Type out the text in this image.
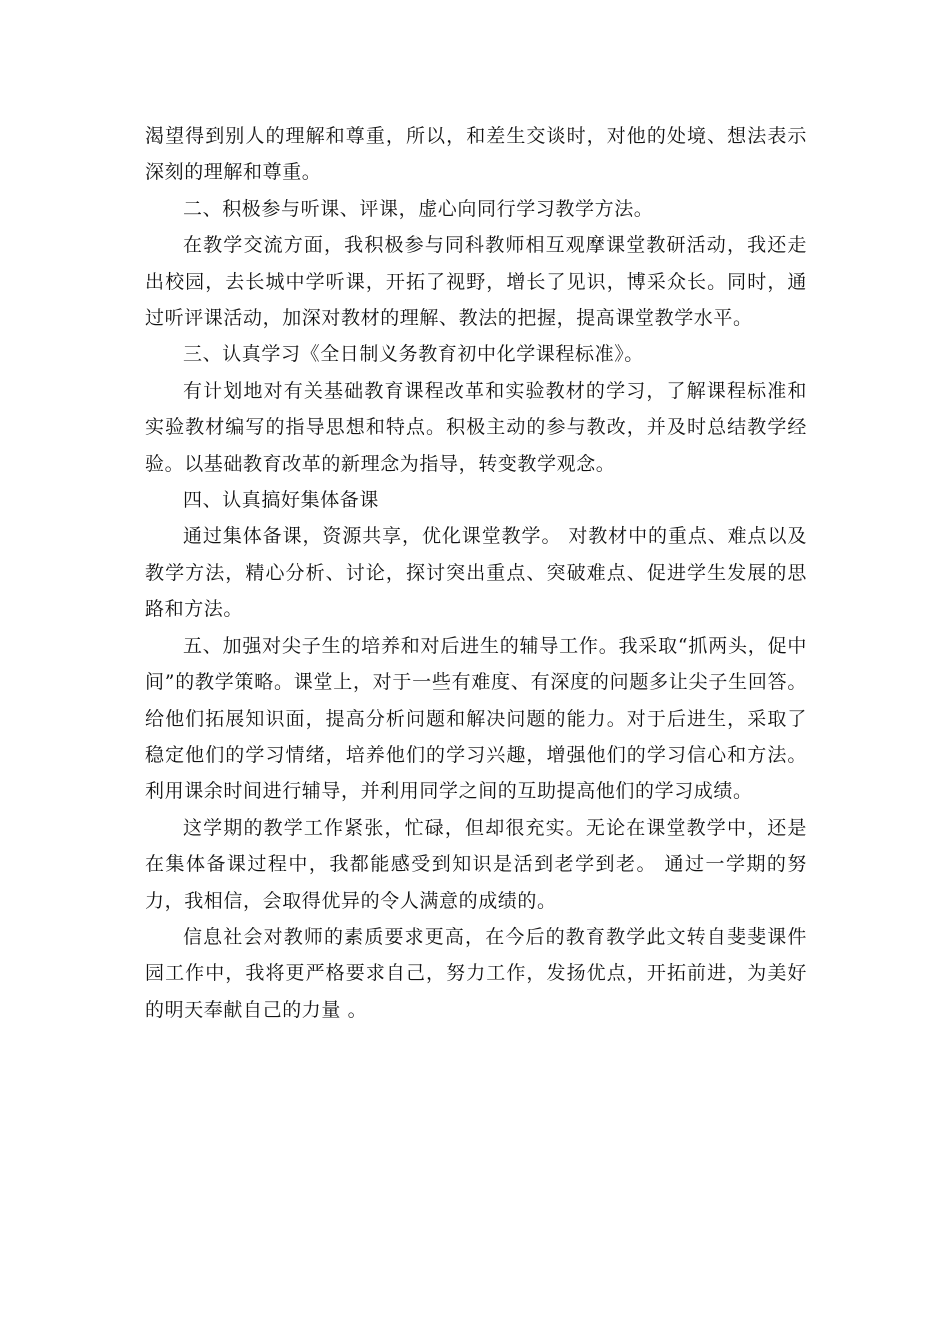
渴望得到别人的理解和尊重，所以，和差生交谈时，对他的处境、想法表示深刻的理解和尊重。

二、积极参与听课、评课，虚心向同行学习教学方法。

在教学交流方面，我积极参与同科教师相互观摩课堂教研活动，我还走出校园，去长城中学听课，开拓了视野，增长了见识，博采众长。同时，通过听评课活动，加深对教材的理解、教法的把握，提高课堂教学水平。

三、认真学习《全日制义务教育初中化学课程标准》。

有计划地对有关基础教育课程改革和实验教材的学习，了解课程标准和实验教材编写的指导思想和特点。积极主动的参与教改，并及时总结教学经验。以基础教育改革的新理念为指导，转变教学观念。

四、认真搞好集体备课

通过集体备课，资源共享，优化课堂教学。 对教材中的重点、难点以及教学方法，精心分析、讨论，探讨突出重点、突破难点、促进学生发展的思路和方法。

五、加强对尖子生的培养和对后进生的辅导工作。我采取“抓两头，促中间”的教学策略。课堂上，对于一些有难度、有深度的问题多让尖子生回答。给他们拓展知识面，提高分析问题和解决问题的能力。对于后进生，采取了稳定他们的学习情绪，培养他们的学习兴趣，增强他们的学习信心和方法。 利用课余时间进行辅导，并利用同学之间的互助提高他们的学习成绩。

这学期的教学工作紧张，忙碌，但却很充实。无论在课堂教学中，还是在集体备课过程中，我都能感受到知识是活到老学到老。 通过一学期的努力，我相信，会取得优异的令人满意的成绩的。

信息社会对教师的素质要求更高，在今后的教育教学此文转自斐斐课件园工作中，我将更严格要求自己，努力工作，发扬优点，开拓前进，为美好的明天奉献自己的力量 。
